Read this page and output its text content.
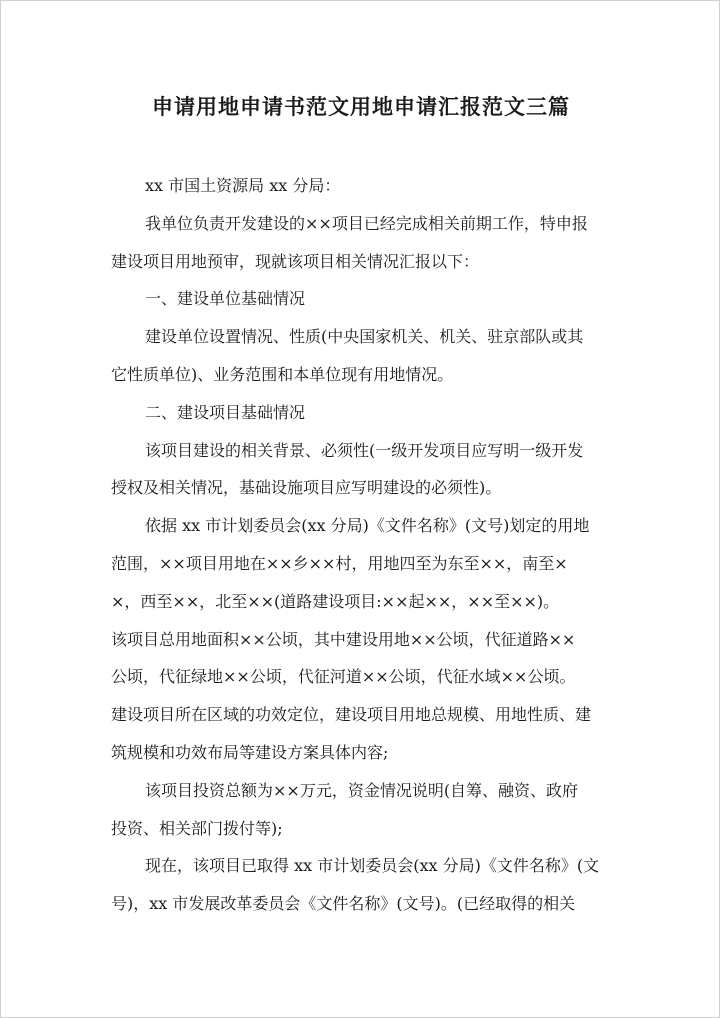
申请用地申请书范文用地申请汇报范文三篇
xx 市国土资源局 xx 分局：
我单位负责开发建设的××项目已经完成相关前期工作，特申报
建设项目用地预审，现就该项目相关情况汇报以下：
一、建设单位基础情况
建设单位设置情况、性质(中央国家机关、机关、驻京部队或其
它性质单位)、业务范围和本单位现有用地情况。
二、建设项目基础情况
该项目建设的相关背景、必须性(一级开发项目应写明一级开发
授权及相关情况，基础设施项目应写明建设的必须性)。
依据 xx 市计划委员会(xx 分局)《文件名称》(文号)划定的用地
范围，××项目用地在××乡××村，用地四至为东至××，南至×
×，西至××，北至××(道路建设项目:××起××，××至××)。
该项目总用地面积××公顷，其中建设用地××公顷，代征道路××
公顷，代征绿地××公顷，代征河道××公顷，代征水域××公顷。
建设项目所在区域的功效定位，建设项目用地总规模、用地性质、建
筑规模和功效布局等建设方案具体内容;
该项目投资总额为××万元，资金情况说明(自筹、融资、政府
投资、相关部门拨付等);
现在，该项目已取得 xx 市计划委员会(xx 分局)《文件名称》(文
号)，xx 市发展改革委员会《文件名称》(文号)。(已经取得的相关
